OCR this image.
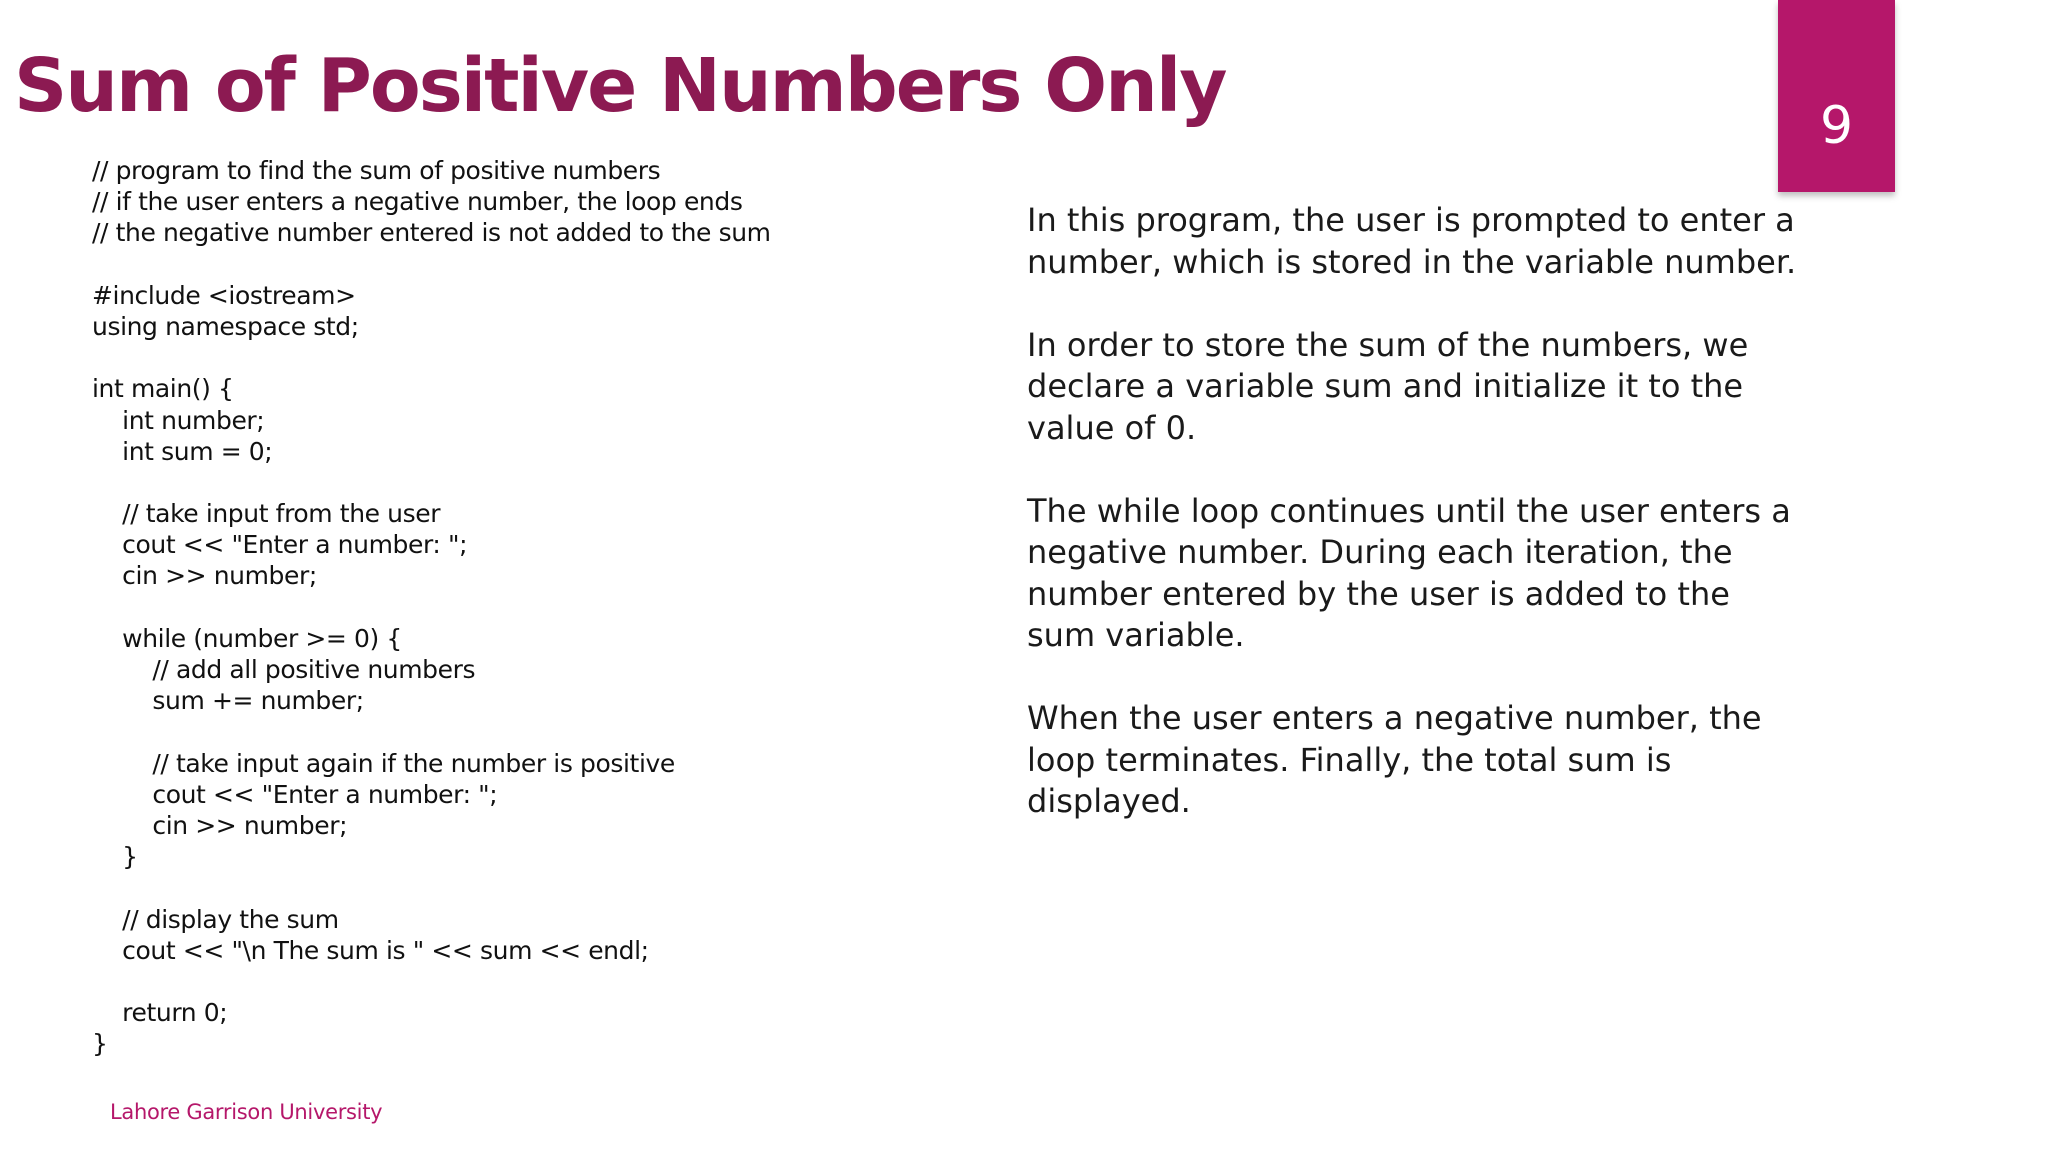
Sum of Positive Numbers Only	9
// program to find the sum of positive numbers
// if the user enters a negative number, the loop ends
// the negative number entered is not added to the sum
#include <iostream>
using namespace std;
int main() {
int number;
int sum = 0;
// take input from the user
cout << "Enter a number: ";
cin >> number;
while (number >= 0) {
// add all positive numbers
sum += number;
// take input again if the number is positive
cout << "Enter a number: ";
cin >> number;
}
// display the sum
cout << "\n The sum is " << sum << endl;
return 0;
}

In this program, the user is prompted to enter a number, which is stored in the variable number.

In order to store the sum of the numbers, we declare a variable sum and initialize it to the value of 0.

The while loop continues until the user enters a negative number. During each iteration, the number entered by the user is added to the sum variable.

When the user enters a negative number, the loop terminates. Finally, the total sum is displayed.

Lahore Garrison University
